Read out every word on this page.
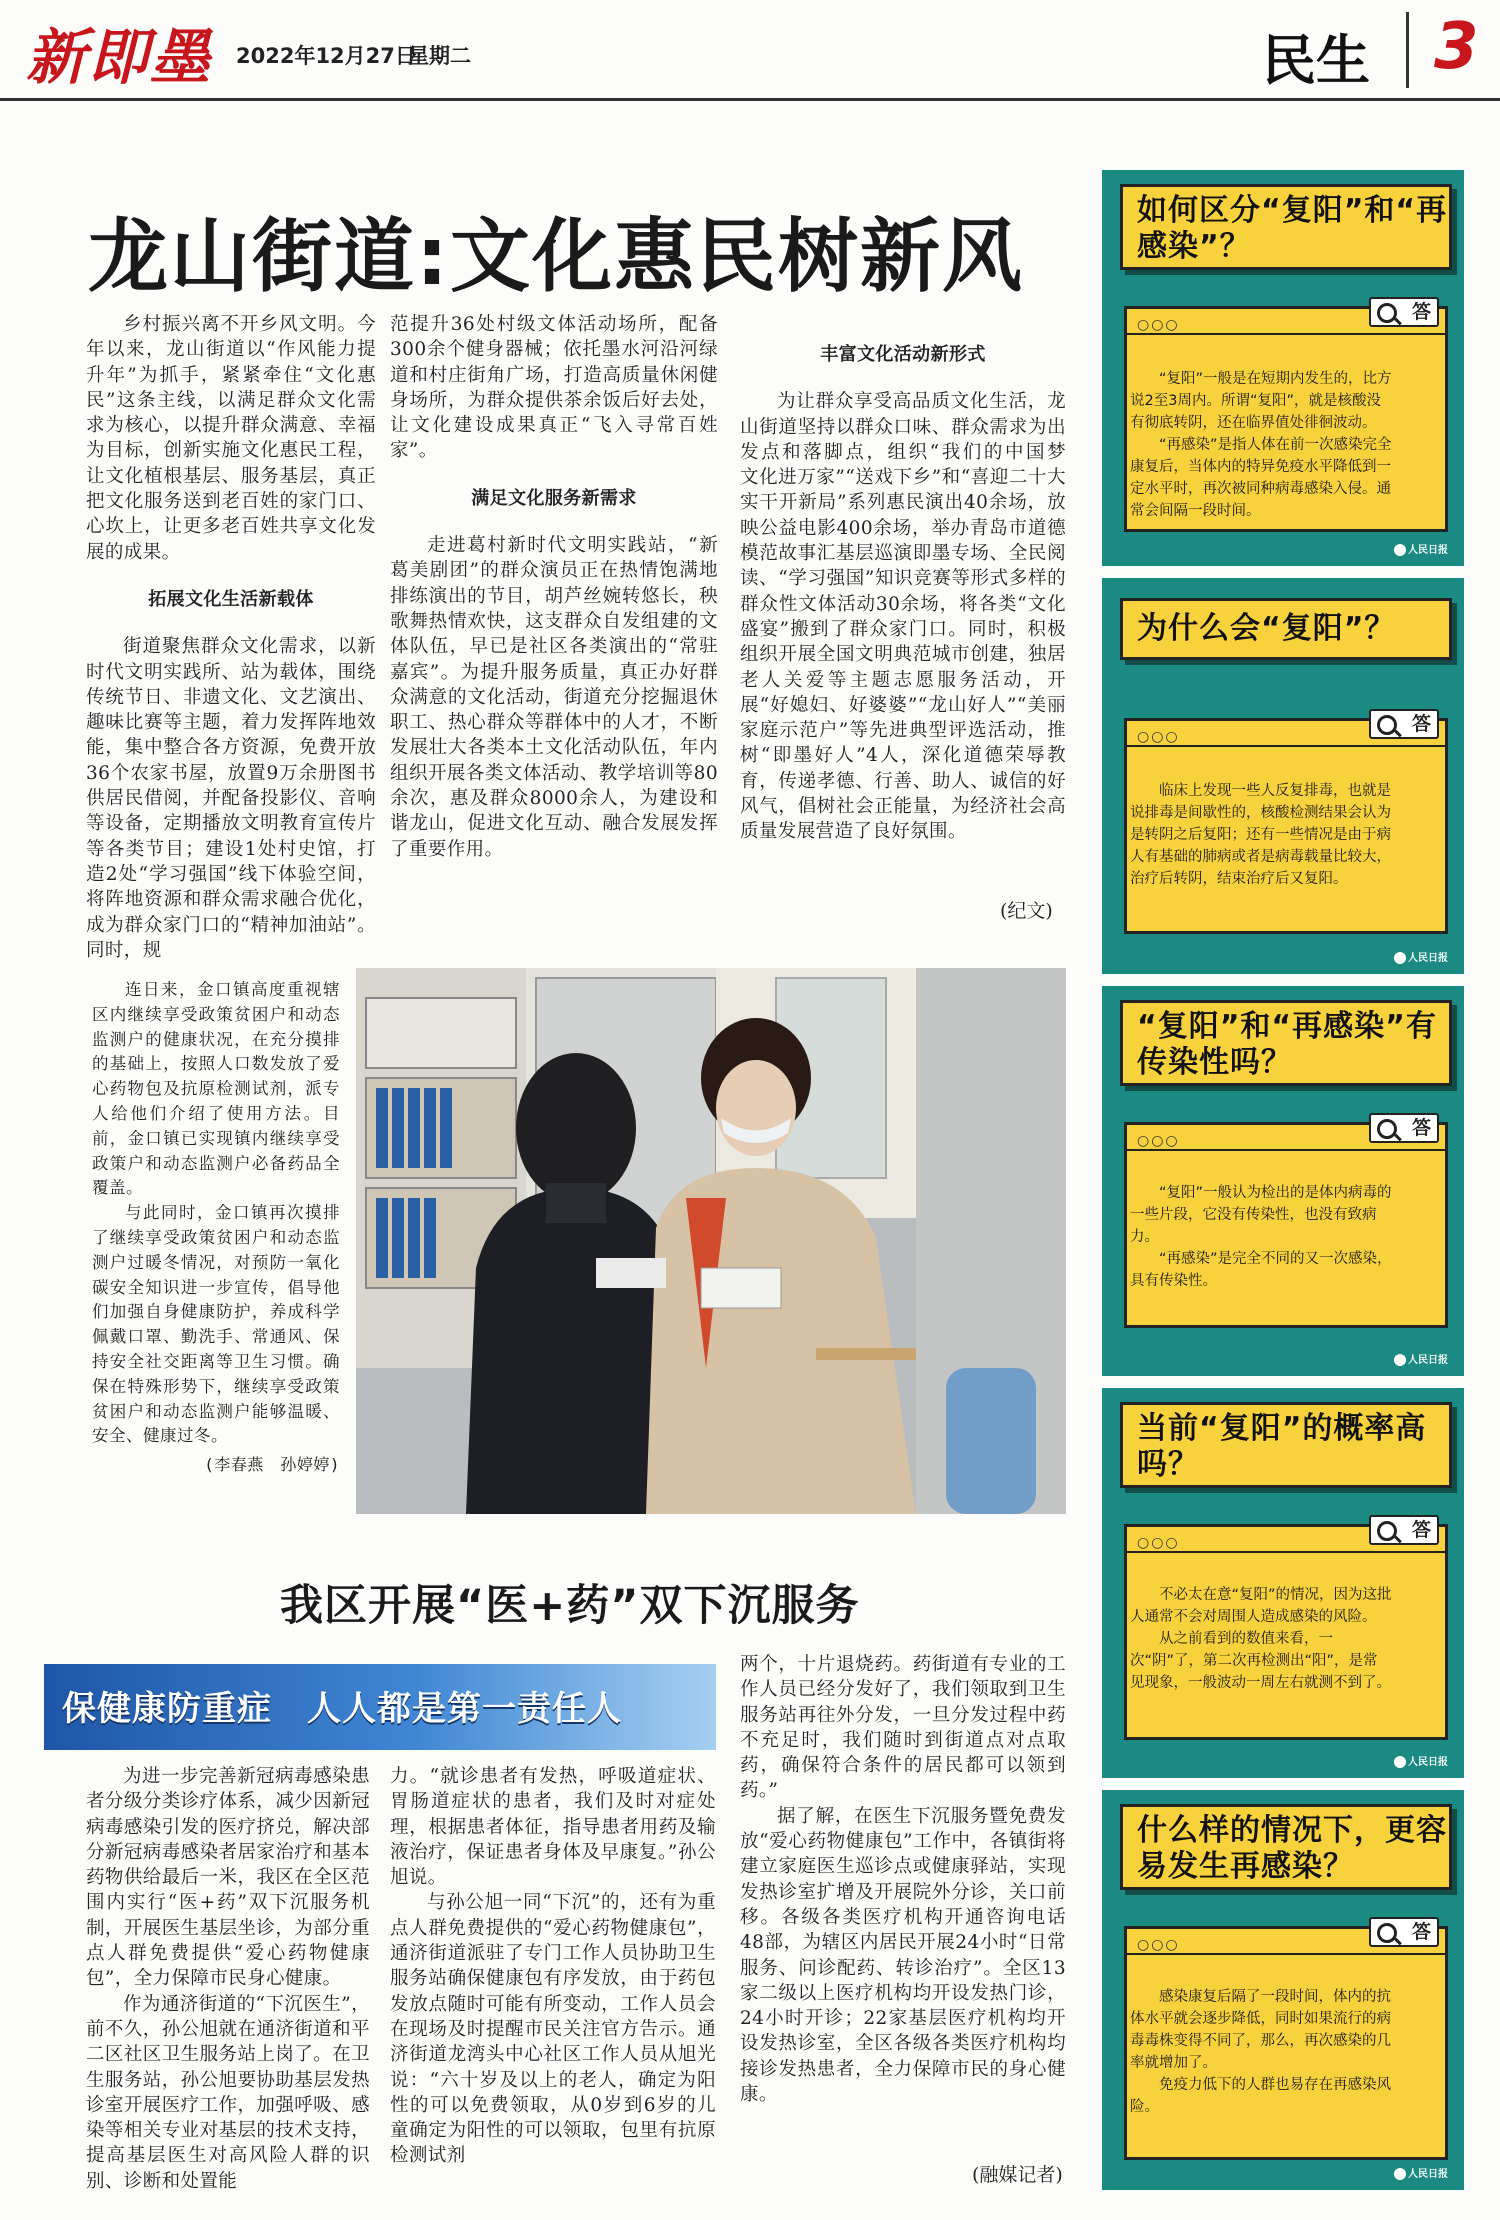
新即墨 2022年12月27日
星期二	民生 3
龙山街道:文化惠民树新风

乡村振兴离不开乡风文明。今年以来，龙山街道以“作风能力提升年”为抓手，紧紧牵住“文化惠民”这条主线，以满足群众文化需求为核心，以提升群众满意、幸福为目标，创新实施文化惠民工程，让文化植根基层、服务基层，真正把文化服务送到老百姓的家门口、心坎上，让更多老百姓共享文化发展的成果。

拓展文化生活新载体

街道聚焦群众文化需求，以新时代文明实践所、站为载体，围绕传统节日、非遗文化、文艺演出、趣味比赛等主题，着力发挥阵地效能，集中整合各方资源，免费开放36个农家书屋，放置9万余册图书供居民借阅，并配备投影仪、音响等设备，定期播放文明教育宣传片等各类节目；建设1处村史馆，打造2处“学习强国”线下体验空间，将阵地资源和群众需求融合优化，成为群众家门口的“精神加油站”。同时，规

范提升36处村级文体活动场所，配备300余个健身器械；依托墨水河沿河绿道和村庄街角广场，打造高质量休闲健身场所，为群众提供茶余饭后好去处，让文化建设成果真正“飞入寻常百姓家”。

满足文化服务新需求

走进葛村新时代文明实践站，“新葛美剧团”的群众演员正在热情饱满地排练演出的节目，胡芦丝婉转悠长，秧歌舞热情欢快，这支群众自发组建的文体队伍，早已是社区各类演出的“常驻嘉宾”。为提升服务质量，真正办好群众满意的文化活动，街道充分挖掘退休职工、热心群众等群体中的人才，不断发展壮大各类本土文化活动队伍，年内组织开展各类文体活动、教学培训等80余次，惠及群众8000余人，为建设和谐龙山，促进文化互动、融合发展发挥了重要作用。

丰富文化活动新形式

为让群众享受高品质文化生活，龙山街道坚持以群众口味、群众需求为出发点和落脚点，组织“我们的中国梦　文化进万家”“送戏下乡”和“喜迎二十大　实干开新局”系列惠民演出40余场，放映公益电影400余场，举办青岛市道德模范故事汇基层巡演即墨专场、全民阅读、“学习强国”知识竞赛等形式多样的群众性文体活动30余场，将各类“文化盛宴”搬到了群众家门口。同时，积极组织开展全国文明典范城市创建，独居老人关爱等主题志愿服务活动，开展“好媳妇、好婆婆”“龙山好人”“美丽家庭示范户”等先进典型评选活动，推树“即墨好人”4人，深化道德荣辱教育，传递孝德、行善、助人、诚信的好风气，倡树社会正能量，为经济社会高质量发展营造了良好氛围。

(纪文)

连日来，金口镇高度重视辖区内继续享受政策贫困户和动态监测户的健康状况，在充分摸排的基础上，按照人口数发放了爱心药物包及抗原检测试剂，派专人给他们介绍了使用方法。目前，金口镇已实现镇内继续享受政策户和动态监测户必备药品全覆盖。

与此同时，金口镇再次摸排了继续享受政策贫困户和动态监测户过暖冬情况，对预防一氧化碳安全知识进一步宣传，倡导他们加强自身健康防护，养成科学佩戴口罩、勤洗手、常通风、保持安全社交距离等卫生习惯。确保在特殊形势下，继续享受政策贫困户和动态监测户能够温暖、安全、健康过冬。

(李春燕　孙婷婷)
我区开展“医+药”双下沉服务
保健康防重症　人人都是第一责任人

为进一步完善新冠病毒感染患者分级分类诊疗体系，减少因新冠病毒感染引发的医疗挤兑，解决部分新冠病毒感染者居家治疗和基本药物供给最后一米，我区在全区范围内实行“医+药”双下沉服务机制，开展医生基层坐诊，为部分重点人群免费提供“爱心药物健康包”，全力保障市民身心健康。

作为通济街道的“下沉医生”，前不久，孙公旭就在通济街道和平二区社区卫生服务站上岗了。在卫生服务站，孙公旭要协助基层发热诊室开展医疗工作，加强呼吸、感染等相关专业对基层的技术支持，提高基层医生对高风险人群的识别、诊断和处置能

力。“就诊患者有发热，呼吸道症状、胃肠道症状的患者，我们及时对症处理，根据患者体征，指导患者用药及输液治疗，保证患者身体及早康复。”孙公旭说。

与孙公旭一同“下沉”的，还有为重点人群免费提供的“爱心药物健康包”，通济街道派驻了专门工作人员协助卫生服务站确保健康包有序发放，由于药包发放点随时可能有所变动，工作人员会在现场及时提醒市民关注官方告示。通济街道龙湾头中心社区工作人员从旭光说：“六十岁及以上的老人，确定为阳性的可以免费领取，从0岁到6岁的儿童确定为阳性的可以领取，包里有抗原检测试剂

两个，十片退烧药。药街道有专业的工作人员已经分发好了，我们领取到卫生服务站再往外分发，一旦分发过程中药不充足时，我们随时到街道点对点取药，确保符合条件的居民都可以领到药。”

据了解，在医生下沉服务暨免费发放“爱心药物健康包”工作中，各镇街将建立家庭医生巡诊点或健康驿站，实现发热诊室扩增及开展院外分诊，关口前移。各级各类医疗机构开通咨询电话48部，为辖区内居民开展24小时“日常服务、问诊配药、转诊治疗”。全区13家二级以上医疗机构均开设发热门诊，24小时开诊；22家基层医疗机构均开设发热诊室，全区各级各类医疗机构均接诊发热患者，全力保障市民的身心健康。

(融媒记者)
如何区分“复阳”和“再感染”？
○○○
答

“复阳”一般是在短期内发生的，比方说2至3周内。所谓“复阳”，就是核酸没有彻底转阴，还在临界值处徘徊波动。

“再感染”是指人体在前一次感染完全康复后，当体内的特异免疫水平降低到一定水平时，再次被同种病毒感染入侵。通常会间隔一段时间。

人民日报
为什么会“复阳”？
○○○
答

临床上发现一些人反复排毒，也就是说排毒是间歇性的，核酸检测结果会认为是转阴之后复阳；还有一些情况是由于病人有基础的肺病或者是病毒载量比较大，治疗后转阴，结束治疗后又复阳。

人民日报
“复阳”和“再感染”有传染性吗？
○○○
答

“复阳”一般认为检出的是体内病毒的一些片段，它没有传染性，也没有致病力。

“再感染”是完全不同的又一次感染，具有传染性。

人民日报
当前“复阳”的概率高吗？
○○○
答

不必太在意“复阳”的情况，因为这批人通常不会对周围人造成感染的风险。

从之前看到的数值来看，一次“阴”了，第二次再检测出“阳”，是常见现象，一般波动一周左右就测不到了。

人民日报
什么样的情况下，更容易发生再感染？
○○○
答

感染康复后隔了一段时间，体内的抗体水平就会逐步降低，同时如果流行的病毒毒株变得不同了，那么，再次感染的几率就增加了。

免疫力低下的人群也易存在再感染风险。

人民日报
